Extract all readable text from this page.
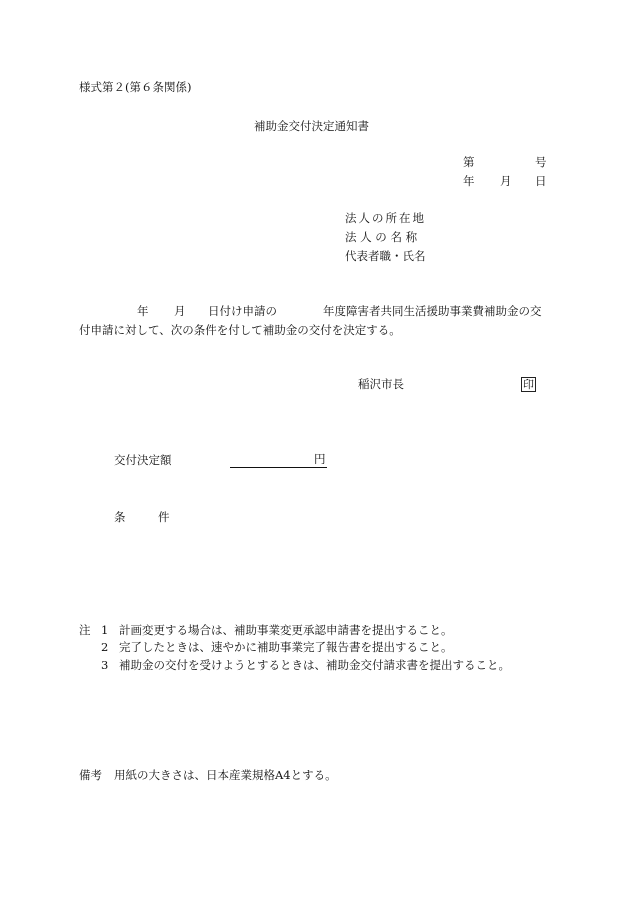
様式第２(第６条関係)
補助金交付決定通知書
第	号
年 月 日
法人の所在地
法 人 の 名 称
代表者職・氏名
年 月 日付け申請の	年度障害者共同生活援助事業費補助金の交
付申請に対して、次の条件を付して補助金の交付を決定する。
稲沢市長	印
交付決定額	円
条	件
注 1 計画変更する場合は、補助事業変更承認申請書を提出すること。
2 完了したときは、速やかに補助事業完了報告書を提出すること。
3 補助金の交付を受けようとするときは、補助金交付請求書を提出すること。
備考 用紙の大きさは、日本産業規格A4とする。
